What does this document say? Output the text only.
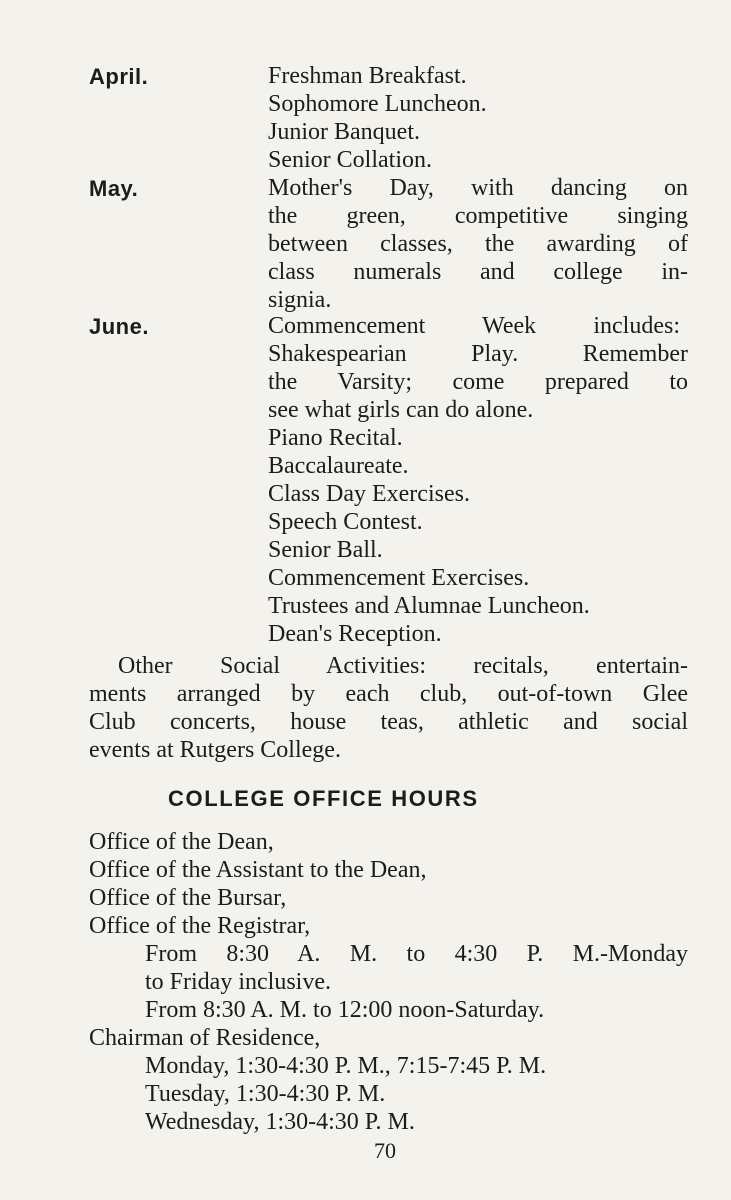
April.	Freshman Breakfast.
Sophomore Luncheon.
Junior Banquet.
Senior Collation.
May.	Mother's Day, with dancing on
the green, competitive singing
between classes, the awarding of
class numerals and college in-
signia.
June.	Commencement Week includes:
Shakespearian Play. Remember
the Varsity; come prepared to
see what girls can do alone.
Piano Recital.
Baccalaureate.
Class Day Exercises.
Speech Contest.
Senior Ball.
Commencement Exercises.
Trustees and Alumnae Luncheon.
Dean's Reception.
Other Social Activities: recitals, entertain-
ments arranged by each club, out-of-town Glee
Club concerts, house teas, athletic and social
events at Rutgers College.
COLLEGE OFFICE HOURS
Office of the Dean,
Office of the Assistant to the Dean,
Office of the Bursar,
Office of the Registrar,
From 8:30 A. M. to 4:30 P. M.-Monday
to Friday inclusive.
From 8:30 A. M. to 12:00 noon-Saturday.
Chairman of Residence,
Monday, 1:30-4:30 P. M., 7:15-7:45 P. M.
Tuesday, 1:30-4:30 P. M.
Wednesday, 1:30-4:30 P. M.
70
